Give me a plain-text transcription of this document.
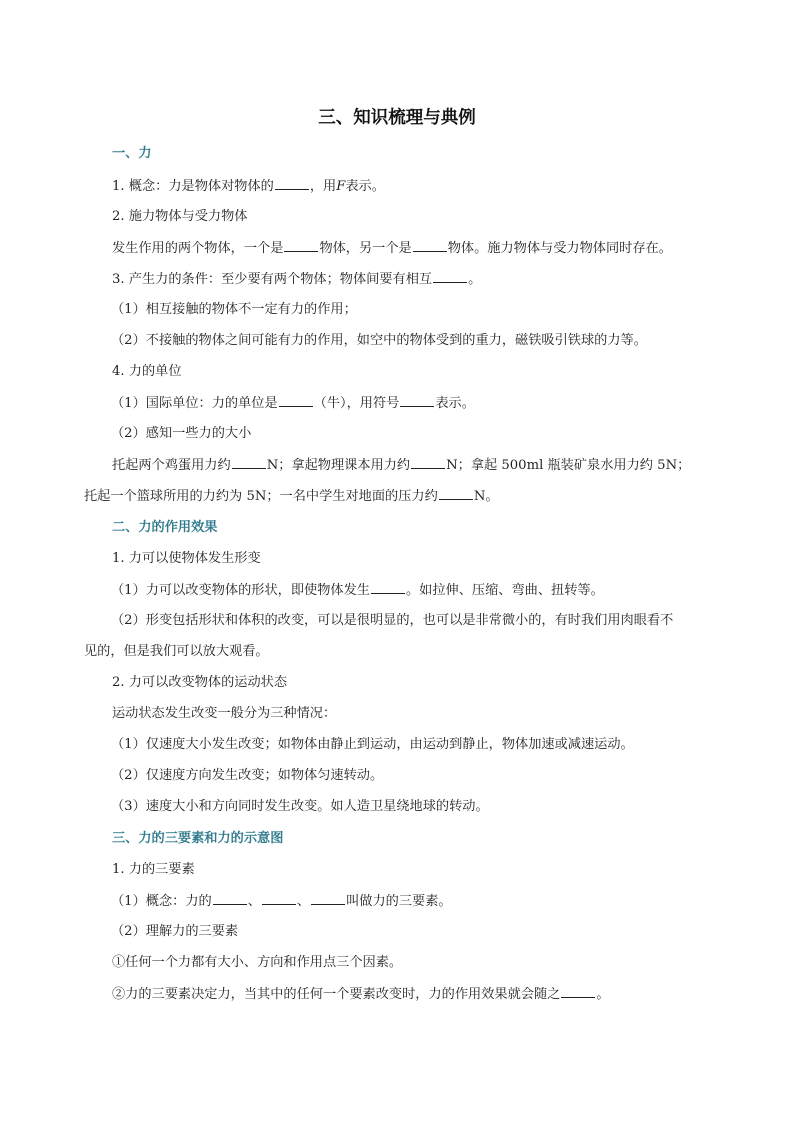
三、知识梳理与典例
一、力
1. 概念：力是物体对物体的	，用F表示。
2. 施力物体与受力物体
发生作用的两个物体，一个是	物体，另一个是	物体。施力物体与受力物体同时存在。
3. 产生力的条件：至少要有两个物体；物体间要有相互	。
（1）相互接触的物体不一定有力的作用；
（2）不接触的物体之间可能有力的作用，如空中的物体受到的重力，磁铁吸引铁球的力等。
4. 力的单位
（1）国际单位：力的单位是	（牛），用符号	表示。
（2）感知一些力的大小
托起两个鸡蛋用力约	N；拿起物理课本用力约	N；拿起 500ml 瓶装矿泉水用力约 5N；
托起一个篮球所用的力约为 5N；一名中学生对地面的压力约	N。
二、力的作用效果
1. 力可以使物体发生形变
（1）力可以改变物体的形状，即使物体发生	。如拉伸、压缩、弯曲、扭转等。
（2）形变包括形状和体积的改变，可以是很明显的，也可以是非常微小的，有时我们用肉眼看不
见的，但是我们可以放大观看。
2. 力可以改变物体的运动状态
运动状态发生改变一般分为三种情况：
（1）仅速度大小发生改变；如物体由静止到运动，由运动到静止，物体加速或减速运动。
（2）仅速度方向发生改变；如物体匀速转动。
（3）速度大小和方向同时发生改变。如人造卫星绕地球的转动。
三、力的三要素和力的示意图
1. 力的三要素
（1）概念：力的	、	、	叫做力的三要素。
（2）理解力的三要素
①任何一个力都有大小、方向和作用点三个因素。
②力的三要素决定力，当其中的任何一个要素改变时，力的作用效果就会随之	。
